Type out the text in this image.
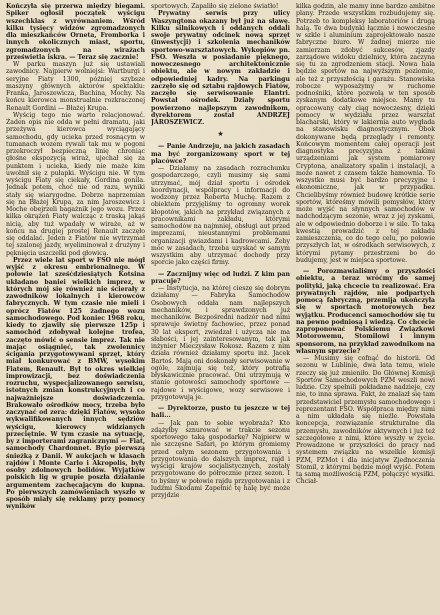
Kończyła się przerwa między biegami. Spiker ogłosił początek wyścigu wszechklas z wyrównaniem. Wśród kilku tysięcy widzów zgromadzonych dla mieszkańców Orneta, Fromborka i innych okolicznych miast, sportu, zgromadzonych na wirażach prześwietla iskra. — Teraz się zacznie!

W parku maszyn już się ustawiali zawodnicy. Najpierw wolniejsi: Wartburgi i seryjne Fiaty 1300, później szybsze maszyny głównych aktorów spektaklu: Franka, Jaroszewicza, Bachina, Mochy. Na końcu kierowca monstrualnie rozkraczonej Renault Gordini — Błażej Krupa.

Wyścig tego nie warto relacjonować. Żaden opis nie odda w pełni dramatu, jaki przeżywa kierowca wyciągający samochodu, gdy ucieka przed rosnącym w tumanach wozem rywali tak mu w pogoni przekroczył bezpieczną linię chroniąc głośne ekspozycją wiraż, ujechał się za punktem i ucieka, kiedy nie maże kim uwolnił się z pułapki. Wyścigu nie. W tym wyścigu Fiaty się ciekały, Gordina gonila. Jednak potem, choć nie od razu, wyniki stały się wiarygodne. Dobrze naprzemian się na Błażej Krupa, za nim Jaroszewicz i Moche obejrzeli bagażnik jego wozu. Przez kilka okrążeń Fiaty walcząc z traską jakąś nicią, aby tuż wpadały w wiraże, aż w końcu na drugiej prostej Renault zaczęło się oddalać. Jeden z Fiatów nie wytrzymał tej szalonej jazdy, wyeliminował z drużyny i pęknięcia uszczelki pod głowicą.

Przez wiele lat sport w FSO nie mógł wyjść z okresu embrionalnego. W połowie lat sześćdziesiątych Kotsina układano baniei wielkich imprez, w których mój się również nie ścierały z zawodników lokalnych i kierowców fabrycznych. W tym czasie nie mieli i oprócz Fiatów 125 żadnego wozu samochodowego. Pod koniec 1968 roku, kiedy to zjawiły się pierwsze 125p i samochód zdobywał kolejne trofea, zaczęto mówić o sensie imprez. Tak nie mając osiągnięć, tak zwolennicy ścigania przygotowywani sprzęt, który miał konkurować z BMW, wysokim Fiatem, Renault. Był to okres wielkiej improwizacji, bez doświadczenia rozruchu, wyspecjalizowanego serwisu, istotnych zmian konstrukcyjnych i co najważniejsze doświadczenia. Brakowało ośrodków mocy, trzeba było zaczynać od zera: dzięki Fiatów, wysoko wykwalifikowanych innych sędziów wyścigu, kierowcy widzianych przeciętnie. W tym czasie na sytuację, by z importerami zagranicznymi — Fiat, samochody Chardonnet. Bylo pierwszą śnieżką z Danii. W aukcjach w klasach rajdów i Monte Carlo i Akropolis, były osoby zdolnowych bolidów. Wyjątków polskich lig w grupie poszła działanie argumentem zachęcającym do kupna. Po pierwszych zamówieniach wyszło w sposób miały się reklamy przy pomocy wyników

sportowych. Zapaliło się zielone światło!

Prywatny serwis przy ulicy Waszyngtona okazany był już na sławę. Kilku silnikowych i oddanych oddali swoje prywatny odcinek nową sprzęt (inwestycji) i szkolenia mechaników sportowo-warsztatowych. Wykopiów pn. FSO. Weszła w posiadanie pięknego, nowoczesnego architektonicznie obiektu, ale w nowym zakładzie i odpowiedniej kadry. Na parkingu zaczęło się od sztabu rajdowych Fiatów, zaczęło się serwisowanie Elantri. Powstał ośrodek. Działy sportu powierzono najlepszym zawodnikom, dyrektorem został ANDRZEJ JAROSZEWICZ.

★

— Panie Andrzeju, na jakich zasadach ma być zorganizowany sport w tej placówce?

— Działamy na zasadach rozrachunku gospodarczego, czyli musimy się sami utrzymać, mój dział sportu i ośrodek koordynacji, wspólpracy i informacji do wodzony przez Roberta Muchę. Razem z obiektem przyjęliśmy to ogromny worek kłopotów, jakich na przykład związanych z pracownikami zakładu, którymi samochodów na najmniej, obsługi aut przed imprezami, nieustannymi problemami organizacji gwiazdami i kadrowcami. Żeby móc w zasadach, trzeba uzyskać w samym wszystkim aby utrzymać dochody przy sporcie jako części firmy.

— Zacznijmy więc od ludzi. Z kim pan pracuje?

— Instytucja, na której cieszę się dobrym działamy — Fabryka Samochodów Osobowych oddała nam najlepszych mechaników, i sprawdzonych już mechaników. Bezpośredni nadzór nad nimi sprawuje świetny fachowiec, przez ponad 30 lat ekspert, zwiedzał i użycza nie ma słabości, i jej zainteresowanym, tak jak inżynier Mieczysław Rokosz. Razem z nim działa również działamy sportu inż. Jacek Bartoś. Mają oni doskonały serwisowanie w ogóle, zajmują się też, który potrafią błyskawicznie pracować. Oni utrzymują w stanie gotowości samochody sportowe — rajdowe i wyścigowe, wozy serwisowe i przygotowują je.

— Dyrektorze, pusto tu jeszcze w tej hali...

— Jak pan to sobie wyobraża? Kto zdążyłby sznurować w trakcie sezonu sportowego taką gospodarkę? Najpierw w nie szczęsne Safari, po którym gromiemy przed całym sezonem przygotowania i przygotowania do dalszych imprez, rajd i wyścigi krajów socjalistycznych, zostały przygotowane do półrocznie przez sezon. I to byśmy w połowie rajdu przygotowania i z ludźmi Skodami Zapełnić tę halę być może przyjdzie

kilka godzin, ale mamy inne bardzo ambitne plany. Przede wszystkim rozbudujemy się. Potrzeb to kompleksy laboratoriów i drugą halą. Te dwa budynki łącznie i nowoczesne w szkle i aluminium zaprojektowało nasze fabryczne biuro. W żadnej mierze nie zamierzam zdobyć sukcesów, zjazdy zarządowe widoku dzielnicy, która zaczyna się tu za zgrodzeniem stacji. Nowa hala będzie sportów na najwyższym poziomie, ale też z przyszłością i garażu. Stanowiska robocze wyposażymy w ruchome podnośniki, które pozwolą w ten sposób zyskanym dodatkowe miejsce. Mamy tu opracowany cały ciąg nowoczesny, dzięki pomocy w wydziału przez warsztat blacharski, który w lakiernia auto wygłada na stanowisku diagnostycznym. Obok dokonywane będą przeglądy i remonty. Końcowym momentem całej operacji jest diagnostyka precyzyjna z takimi urządzeniami jak system pomiarowy Cryptona, analizatory spalin i instalacji, a może nawet z czasem także hamownia. To wszystko musi być bardzo precyzyjne i ekonomiczne, jak w przypadku. Chcielibyśmy również budowę krótkie serie sportów, któreśmy mówili pomysłów, który może wyjść na słynnych samochodów w nadchodzącym sezonie, wraz z jej zyskami, ale w odpowiednio doborze i w sile. To taką kwestią prowadzić z tej zakładu zamieszczenia, co do tego celu, po połowie przyszłych lat, w ośrodkach serwisowych, z którymi pytamy przestrzeni bo do budujemy, jest w miejsca sportowe.

— Porozmawialiśmy o przyszłości obiektu, a teraz wróćmy do samej polityki, jaką chcecie tu realizować. Era prywatnych rajdów, nie podpartych pomocą fabryczną, przemija ukończyła się w sportach motorowych bez wyjątku. Producenci samochodów się tu na pewno podniosą i wiedzą. Co chcecie zaproponować Polskiemu Związkowi Motorowemu, Stomilowi i innym sponsorom, na przykład zawodnikom na własnym sprzęcie?

— Musimy się cofnąć do historii. Od sezonu w Lublinie, dwa lata temu, wiele rzeczy się już zmieniło. Do Głównej Komisji Sportów Samochodowych PZM weszli nowi ludzie. Czy spełnili pokładane nadzieje, czy nie, to inna sprawa. Fakt, że znalazł się tam przedstawiciel przemysłu samochodowego i reprezentant FSO. Współpraca między nimi a nim układała się nieźle. Powstała koncepcja, rozwiązanie strukturalne dla przemysłu, zawodników aktywnych i już też szczegółowe z nimi, które wyszły w życie. Prowadzone w przyszłości do pracy nad systemem związku na wszelkie komisji PZM, PZMot i dla inicjatyw Zjednoczenia Stomil, z którymi będzie mógł wyjść. Potem tą samą możliwością PZM, połączyć wysiłki. Chciał-
